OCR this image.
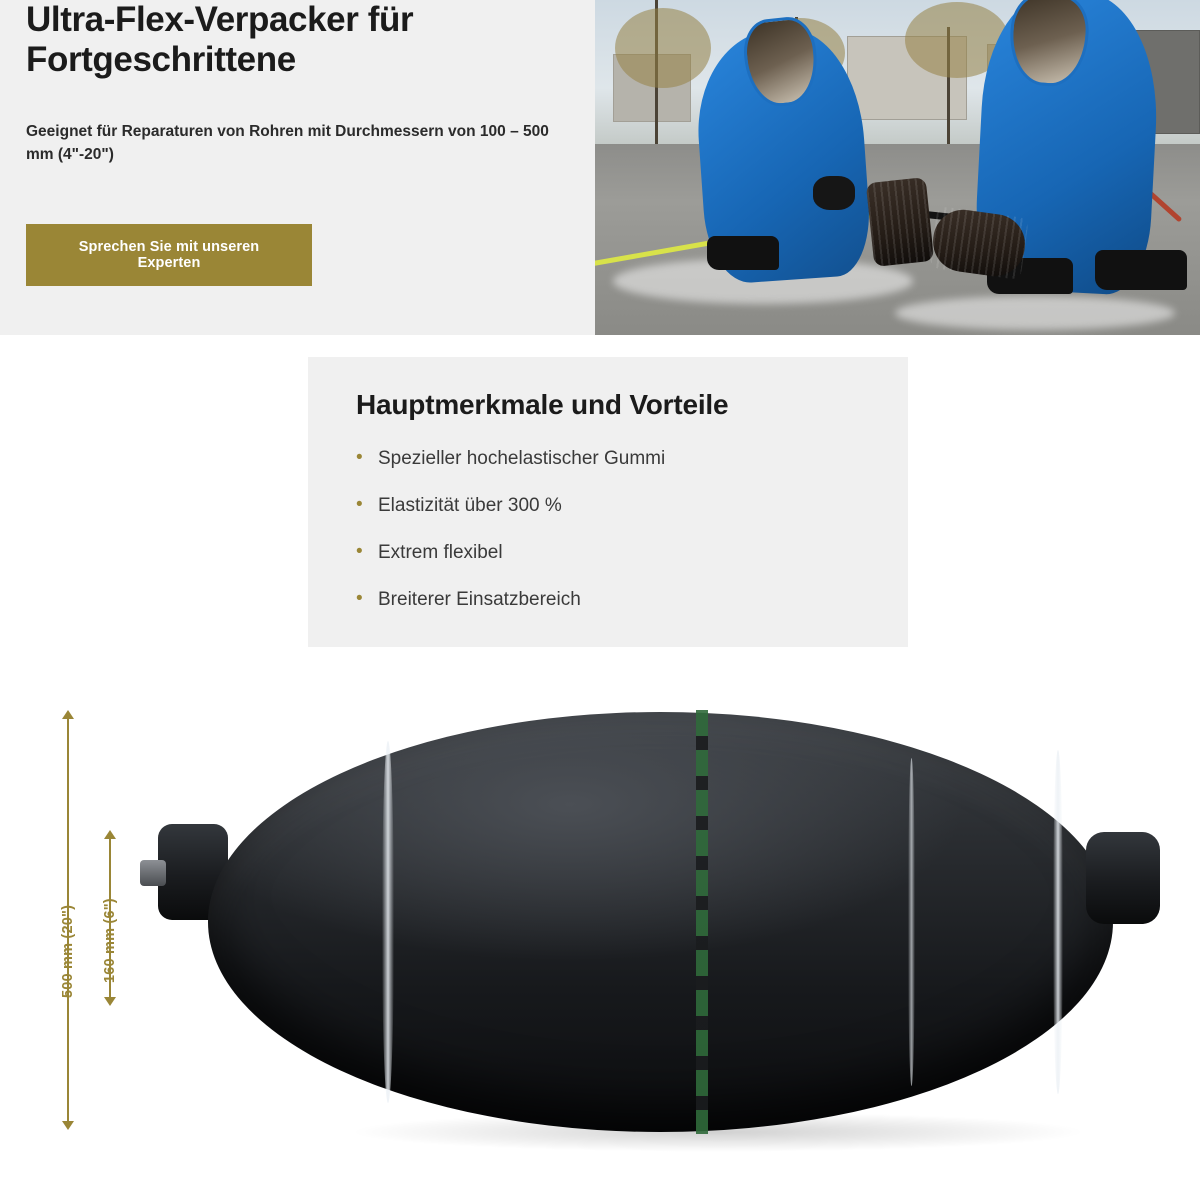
Ultra-Flex-Verpacker für Fortgeschrittene

Geeignet für Reparaturen von Rohren mit Durchmessern von 100 – 500 mm (4"-20")

Sprechen Sie mit unseren Experten
Hauptmerkmale und Vorteile
• Spezieller hochelastischer Gummi
• Elastizität über 300 %
• Extrem flexibel
• Breiterer Einsatzbereich
500 mm (20") 160 mm (6")
